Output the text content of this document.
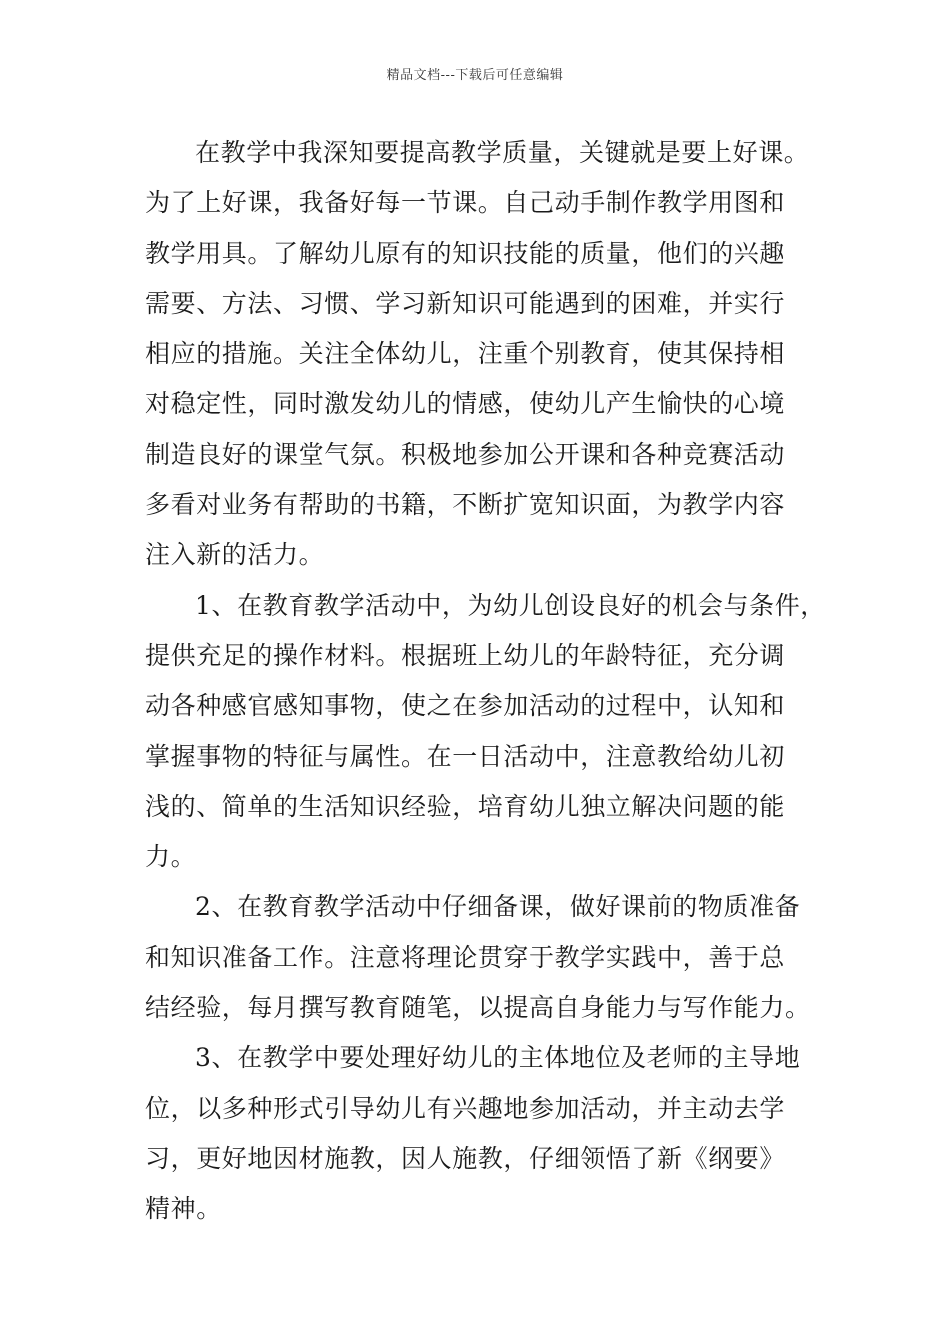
精品文档---下载后可任意编辑
在教学中我深知要提高教学质量，关键就是要上好课。
为了上好课，我备好每一节课。自己动手制作教学用图和
教学用具。了解幼儿原有的知识技能的质量，他们的兴趣
需要、方法、习惯、学习新知识可能遇到的困难，并实行
相应的措施。关注全体幼儿，注重个别教育，使其保持相
对稳定性，同时激发幼儿的情感，使幼儿产生愉快的心境
制造良好的课堂气氛。积极地参加公开课和各种竞赛活动
多看对业务有帮助的书籍，不断扩宽知识面，为教学内容
注入新的活力。
1、在教育教学活动中，为幼儿创设良好的机会与条件，
提供充足的操作材料。根据班上幼儿的年龄特征，充分调
动各种感官感知事物，使之在参加活动的过程中，认知和
掌握事物的特征与属性。在一日活动中，注意教给幼儿初
浅的、简单的生活知识经验，培育幼儿独立解决问题的能
力。
2、在教育教学活动中仔细备课，做好课前的物质准备
和知识准备工作。注意将理论贯穿于教学实践中，善于总
结经验，每月撰写教育随笔，以提高自身能力与写作能力。
3、在教学中要处理好幼儿的主体地位及老师的主导地
位，以多种形式引导幼儿有兴趣地参加活动，并主动去学
习，更好地因材施教，因人施教，仔细领悟了新《纲要》
精神。
